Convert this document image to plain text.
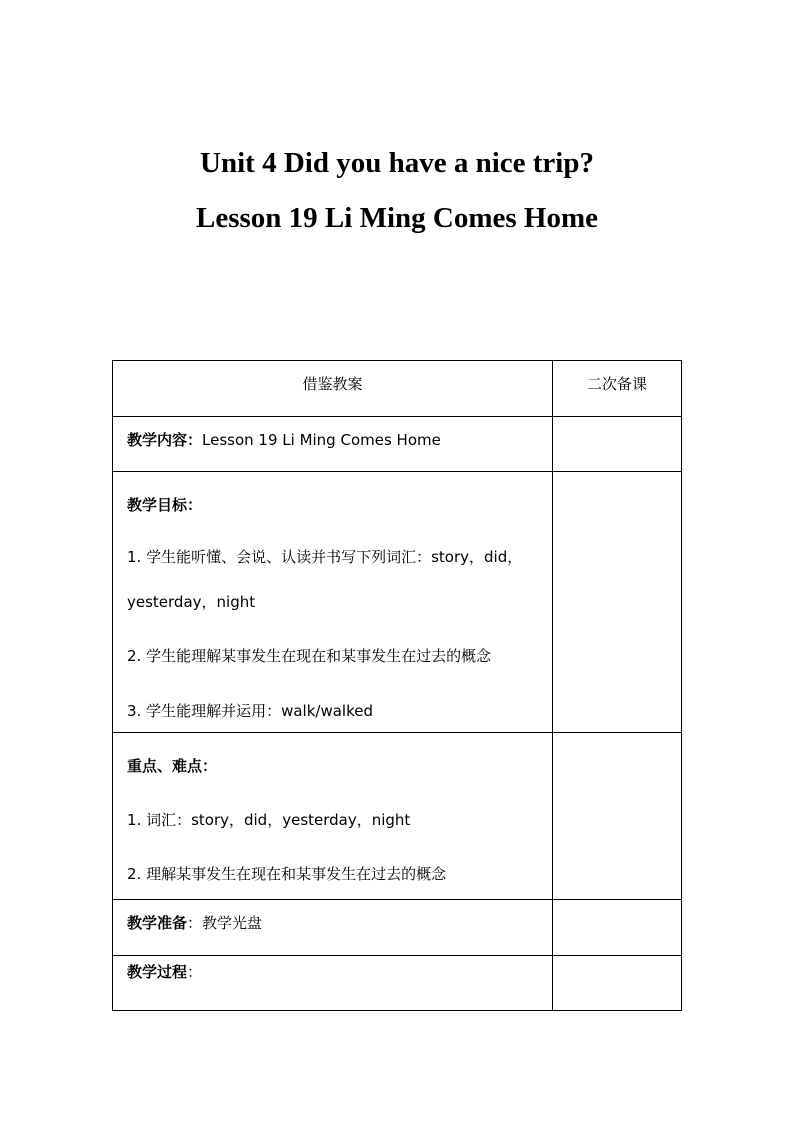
Unit 4 Did you have a nice trip?
Lesson 19 Li Ming Comes Home
借鉴教案	二次备课

教学内容：Lesson 19 Li Ming Comes Home	

教学目标：
1. 学生能听懂、会说、认读并书写下列词汇：story，did，
yesterday，night
2. 学生能理解某事发生在现在和某事发生在过去的概念
3. 学生能理解并运用：walk/walked	

重点、难点：
1. 词汇：story，did，yesterday，night
2. 理解某事发生在现在和某事发生在过去的概念	

教学准备：教学光盘	

教学过程：	
